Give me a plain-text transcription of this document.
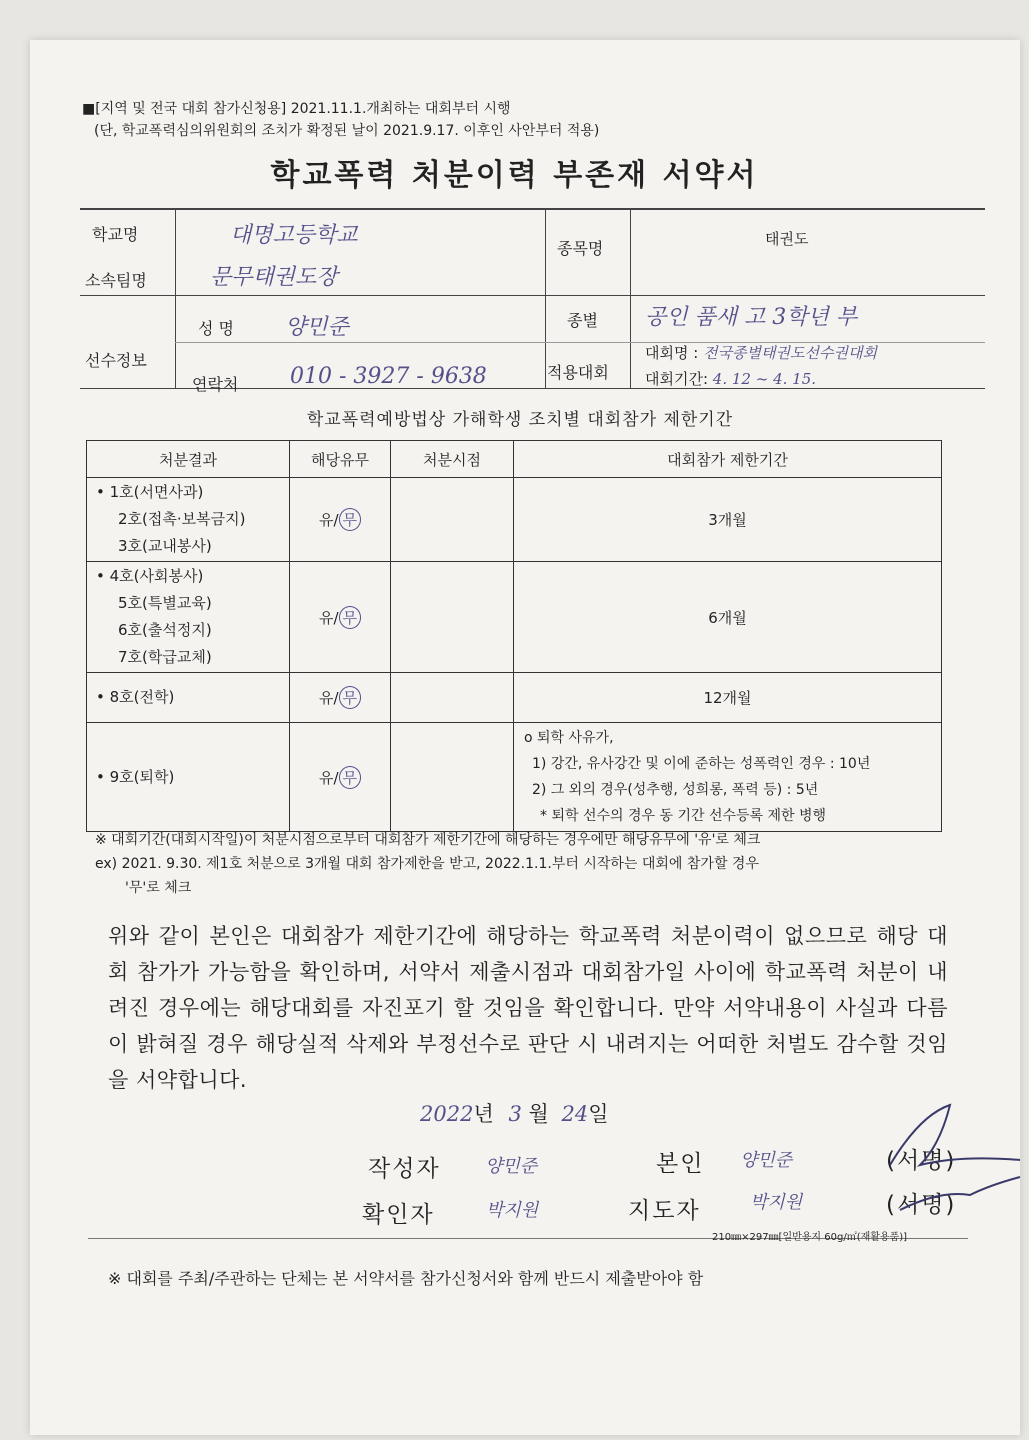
■[지역 및 전국 대회 참가신청용] 2021.11.1.개최하는 대회부터 시행
(단, 학교폭력심의위원회의 조치가 확정된 날이 2021.9.17. 이후인 사안부터 적용)
학교폭력 처분이력 부존재 서약서
학교명	대명고등학교
소속팀명	문무태권도장
종목명	태권도
선수정보
성 명 양민준
연락처 010 - 3927 - 9638
종별 공인 품새 고 3학년 부
적용대회
대회명 : 전국종별태권도선수권대회
대회기간: 4. 12 ~ 4. 15.
학교폭력예방법상 가해학생 조치별 대회참가 제한기간
처분결과	해당유무	처분시점	대회참가 제한기간

• 1호(서면사과)
2호(접촉·보복금지)
3호(교내봉사)	유/ 무		3개월

• 4호(사회봉사)
5호(특별교육)
6호(출석정지)
7호(학급교체)	유/ 무		6개월

• 8호(전학)	유/ 무		12개월

• 9호(퇴학)	유/ 무		o 퇴학 사유가,
1) 강간, 유사강간 및 이에 준하는 성폭력인 경우 : 10년
2) 그 외의 경우(성추행, 성희롱, 폭력 등) : 5년
* 퇴학 선수의 경우 동 기간 선수등록 제한 병행
※ 대회기간(대회시작일)이 처분시점으로부터 대회참가 제한기간에 해당하는 경우에만 해당유무에 '유'로 체크
ex) 2021. 9.30. 제1호 처분으로 3개월 대회 참가제한을 받고, 2022.1.1.부터 시작하는 대회에 참가할 경우
'무'로 체크
위와 같이 본인은 대회참가 제한기간에 해당하는 학교폭력 처분이력이 없으므로 해당 대회 참가가 가능함을 확인하며, 서약서 제출시점과 대회참가일 사이에 학교폭력 처분이 내려진 경우에는 해당대회를 자진포기 할 것임을 확인합니다. 만약 서약내용이 사실과 다름이 밝혀질 경우 해당실적 삭제와 부정선수로 판단 시 내려지는 어떠한 처벌도 감수할 것임을 서약합니다.
2022년 3 월 24일
작성자 양민준	본인 양민준	(서명)
확인자	박지원	지도자	박지원	(서명)
210㎜×297㎜[일반용지 60g/㎡(재활용품)]
※ 대회를 주최/주관하는 단체는 본 서약서를 참가신청서와 함께 반드시 제출받아야 함
